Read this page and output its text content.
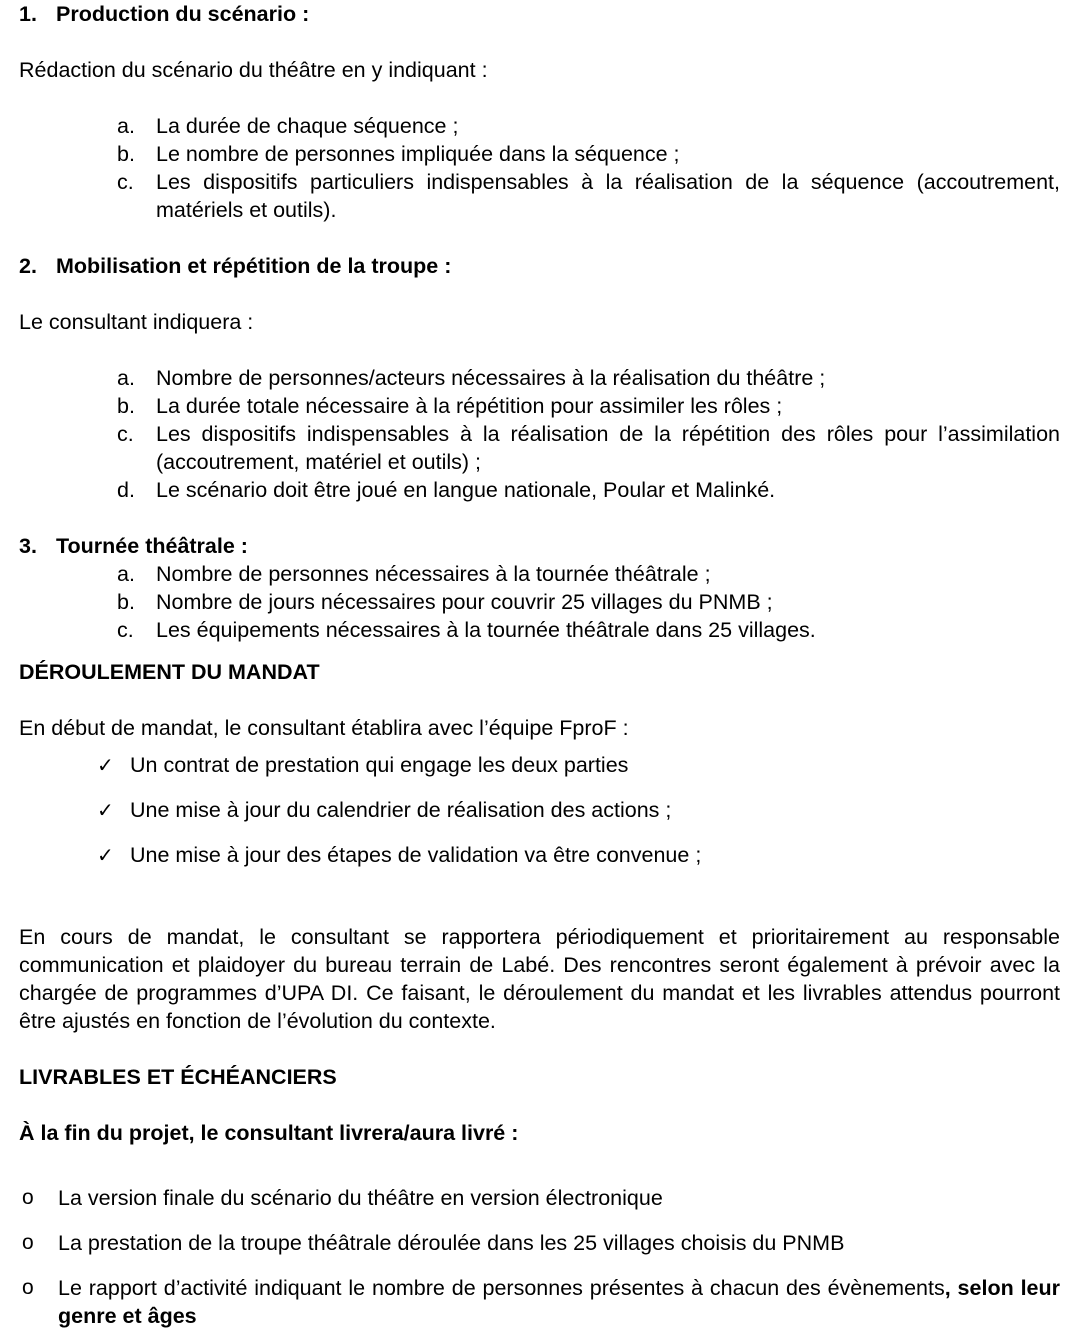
1. Production du scénario :

Rédaction du scénario du théâtre en y indiquant :

a. La durée de chaque séquence ;
b. Le nombre de personnes impliquée dans la séquence ;
c.	Les dispositifs particuliers indispensables à la réalisation de la séquence (accoutrement, matériels et outils).
2. Mobilisation et répétition de la troupe :

Le consultant indiquera :

a. Nombre de personnes/acteurs nécessaires à la réalisation du théâtre ;
b. La durée totale nécessaire à la répétition pour assimiler les rôles ;
c.	Les dispositifs indispensables à la réalisation de la répétition des rôles pour l’assimilation (accoutrement, matériel et outils) ;
d. Le scénario doit être joué en langue nationale, Poular et Malinké.
3. Tournée théâtrale :
a. Nombre de personnes nécessaires à la tournée théâtrale ;
b. Nombre de jours nécessaires pour couvrir 25 villages du PNMB ;
c.	Les équipements nécessaires à la tournée théâtrale dans 25 villages.

DÉROULEMENT DU MANDAT

En début de mandat, le consultant établira avec l’équipe FproF :

✓ Un contrat de prestation qui engage les deux parties
✓ Une mise à jour du calendrier de réalisation des actions ;
✓ Une mise à jour des étapes de validation va être convenue ;

En cours de mandat, le consultant se rapportera périodiquement et prioritairement au responsable communication et plaidoyer du bureau terrain de Labé. Des rencontres seront également à prévoir avec la chargée de programmes d’UPA DI. Ce faisant, le déroulement du mandat et les livrables attendus pourront être ajustés en fonction de l’évolution du contexte.

LIVRABLES ET ÉCHÉANCIERS

À la fin du projet, le consultant livrera/aura livré :

o La version finale du scénario du théâtre en version électronique
o La prestation de la troupe théâtrale déroulée dans les 25 villages choisis du PNMB
o Le rapport d’activité indiquant le nombre de personnes présentes à chacun des évènements, selon leur genre et âges
